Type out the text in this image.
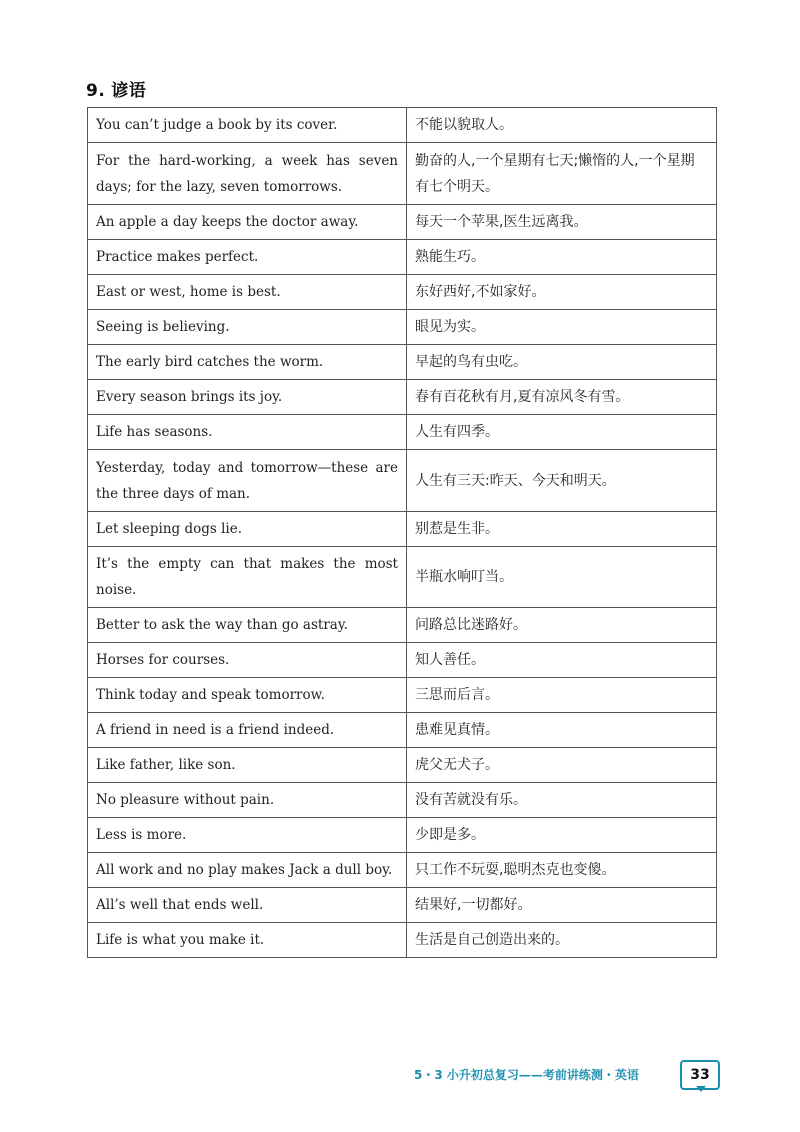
9. 谚语
You can’t judge a book by its cover.	不能以貌取人。
For the hard-working, a week has seven days; for the lazy, seven tomorrows.	勤奋的人,一个星期有七天;懒惰的人,一个星期有七个明天。
An apple a day keeps the doctor away.	每天一个苹果,医生远离我。
Practice makes perfect.	熟能生巧。
East or west, home is best.	东好西好,不如家好。
Seeing is believing.	眼见为实。
The early bird catches the worm.	早起的鸟有虫吃。
Every season brings its joy.	春有百花秋有月,夏有凉风冬有雪。
Life has seasons.	人生有四季。
Yesterday, today and tomorrow—these are the three days of man.	人生有三天:昨天、今天和明天。
Let sleeping dogs lie.	别惹是生非。
It’s the empty can that makes the most noise.	半瓶水响叮当。
Better to ask the way than go astray.	问路总比迷路好。
Horses for courses.	知人善任。
Think today and speak tomorrow.	三思而后言。
A friend in need is a friend indeed.	患难见真情。
Like father, like son.	虎父无犬子。
No pleasure without pain.	没有苦就没有乐。
Less is more.	少即是多。
All work and no play makes Jack a dull boy.	只工作不玩耍,聪明杰克也变傻。
All’s well that ends well.	结果好,一切都好。
Life is what you make it.	生活是自己创造出来的。
5・3 小升初总复习——考前讲练测・英语	33
